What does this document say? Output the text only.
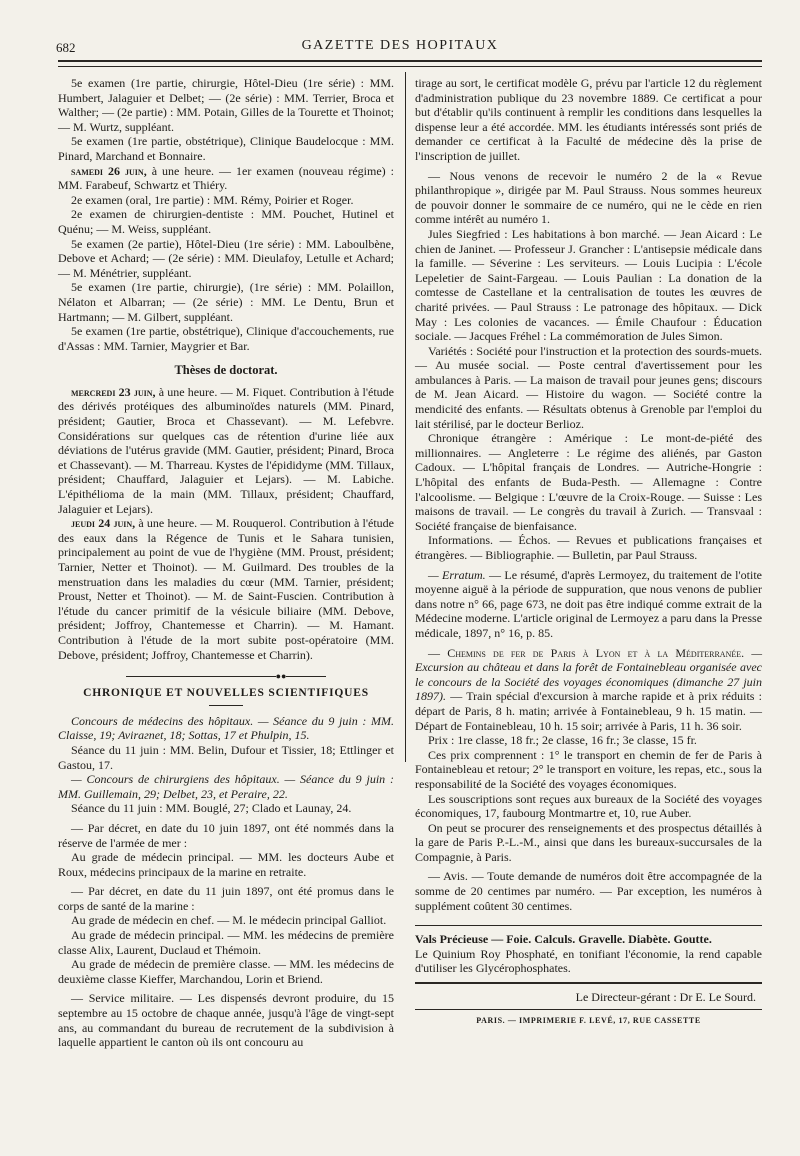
682	GAZETTE DES HOPITAUX

5e examen (1re partie, chirurgie, Hôtel-Dieu (1re série) : MM. Humbert, Jalaguier et Delbet; — (2e série) : MM. Terrier, Broca et Walther; — (2e partie) : MM. Potain, Gilles de la Tourette et Thoinot; — M. Wurtz, suppléant.

5e examen (1re partie, obstétrique), Clinique Baudelocque : MM. Pinard, Marchand et Bonnaire.

samedi 26 juin, à une heure. — 1er examen (nouveau régime) : MM. Farabeuf, Schwartz et Thiéry.

2e examen (oral, 1re partie) : MM. Rémy, Poirier et Roger.

2e examen de chirurgien-dentiste : MM. Pouchet, Hutinel et Quénu; — M. Weiss, suppléant.

5e examen (2e partie), Hôtel-Dieu (1re série) : MM. Laboulbène, Debove et Achard; — (2e série) : MM. Dieulafoy, Letulle et Achard; — M. Ménétrier, suppléant.

5e examen (1re partie, chirurgie), (1re série) : MM. Polaillon, Nélaton et Albarran; — (2e série) : MM. Le Dentu, Brun et Hartmann; — M. Gilbert, suppléant.

5e examen (1re partie, obstétrique), Clinique d'accouchements, rue d'Assas : MM. Tarnier, Maygrier et Bar.

Thèses de doctorat.

mercredi 23 juin, à une heure. — M. Fiquet. Contribution à l'étude des dérivés protéiques des albuminoïdes naturels (MM. Pinard, président; Gautier, Broca et Chassevant). — M. Lefebvre. Considérations sur quelques cas de rétention d'urine liée aux déviations de l'utérus gravide (MM. Gautier, président; Pinard, Broca et Chassevant). — M. Tharreau. Kystes de l'épididyme (MM. Tillaux, président; Chauffard, Jalaguier et Lejars). — M. Labiche. L'épithélioma de la main (MM. Tillaux, président; Chauffard, Jalaguier et Lejars).

jeudi 24 juin, à une heure. — M. Rouquerol. Contribution à l'étude des eaux dans la Régence de Tunis et le Sahara tunisien, principalement au point de vue de l'hygiène (MM. Proust, président; Tarnier, Netter et Thoinot). — M. Guilmard. Des troubles de la menstruation dans les maladies du cœur (MM. Tarnier, président; Proust, Netter et Thoinot). — M. de Saint-Fuscien. Contribution à l'étude du cancer primitif de la vésicule biliaire (MM. Debove, président; Joffroy, Chantemesse et Charrin). — M. Hamant. Contribution à l'étude de la mort subite post-opératoire (MM. Debove, président; Joffroy, Chantemesse et Charrin).

●●
CHRONIQUE ET NOUVELLES SCIENTIFIQUES

Concours de médecins des hôpitaux. — Séance du 9 juin : MM. Claisse, 19; Avirагnet, 18; Sottas, 17 et Phulpin, 15.

Séance du 11 juin : MM. Belin, Dufour et Tissier, 18; Ettlinger et Gastou, 17.

— Concours de chirurgiens des hôpitaux. — Séance du 9 juin : MM. Guillemain, 29; Delbet, 23, et Peraire, 22.

Séance du 11 juin : MM. Bouglé, 27; Clado et Launay, 24.

— Par décret, en date du 10 juin 1897, ont été nommés dans la réserve de l'armée de mer :

Au grade de médecin principal. — MM. les docteurs Aube et Roux, médecins principaux de la marine en retraite.

— Par décret, en date du 11 juin 1897, ont été promus dans le corps de santé de la marine :

Au grade de médecin en chef. — M. le médecin principal Galliot.

Au grade de médecin principal. — MM. les médecins de première classe Alix, Laurent, Duclaud et Thémoin.

Au grade de médecin de première classe. — MM. les médecins de deuxième classe Kieffer, Marchandou, Lorin et Briend.

— Service militaire. — Les dispensés devront produire, du 15 septembre au 15 octobre de chaque année, jusqu'à l'âge de vingt-sept ans, au commandant du bureau de recrutement de la subdivision à laquelle appartient le canton où ils ont concouru au

tirage au sort, le certificat modèle G, prévu par l'article 12 du règlement d'administration publique du 23 novembre 1889. Ce certificat a pour but d'établir qu'ils continuent à remplir les conditions dans lesquelles la dispense leur a été accordée. MM. les étudiants intéressés sont priés de demander ce certificat à la Faculté de médecine dès la prise de l'inscription de juillet.

— Nous venons de recevoir le numéro 2 de la « Revue philanthropique », dirigée par M. Paul Strauss. Nous sommes heureux de pouvoir donner le sommaire de ce numéro, qui ne le cède en rien comme intérêt au numéro 1.

Jules Siegfried : Les habitations à bon marché. — Jean Aicard : Le chien de Janinet. — Professeur J. Grancher : L'antisepsie médicale dans la famille. — Séverine : Les serviteurs. — Louis Lucipia : L'école Lepeletier de Saint-Fargeau. — Louis Paulian : La donation de la comtesse de Castellane et la centralisation de toutes les œuvres de charité privées. — Paul Strauss : Le patronage des hôpitaux. — Dick May : Les colonies de vacances. — Émile Chaufour : Éducation sociale. — Jacques Fréhel : La commémoration de Jules Simon.

Variétés : Société pour l'instruction et la protection des sourds-muets. — Au musée social. — Poste central d'avertissement pour les ambulances à Paris. — La maison de travail pour jeunes gens; discours de M. Jean Aicard. — Histoire du wagon. — Société contre la mendicité des enfants. — Résultats obtenus à Grenoble par l'emploi du lait stérilisé, par le docteur Berlioz.

Chronique étrangère : Amérique : Le mont-de-piété des millionnaires. — Angleterre : Le régime des aliénés, par Gaston Cadoux. — L'hôpital français de Londres. — Autriche-Hongrie : L'hôpital des enfants de Buda-Pesth. — Allemagne : Contre l'alcoolisme. — Belgique : L'œuvre de la Croix-Rouge. — Suisse : Les maisons de travail. — Le congrès du travail à Zurich. — Transvaal : Société française de bienfaisance.

Informations. — Échos. — Revues et publications françaises et étrangères. — Bibliographie. — Bulletin, par Paul Strauss.

— Erratum. — Le résumé, d'après Lermoyez, du traitement de l'otite moyenne aiguë à la période de suppuration, que nous venons de publier dans notre n° 66, page 673, ne doit pas être indiqué comme extrait de la Médecine moderne. L'article original de Lermoyez a paru dans la Presse médicale, 1897, n° 16, p. 85.

— Chemins de fer de Paris à Lyon et à la Méditerranée. — Excursion au château et dans la forêt de Fontainebleau organisée avec le concours de la Société des voyages économiques (dimanche 27 juin 1897). — Train spécial d'excursion à marche rapide et à prix réduits : départ de Paris, 8 h. matin; arrivée à Fontainebleau, 9 h. 15 matin. — Départ de Fontainebleau, 10 h. 15 soir; arrivée à Paris, 11 h. 36 soir.

Prix : 1re classe, 18 fr.; 2e classe, 16 fr.; 3e classe, 15 fr.

Ces prix comprennent : 1° le transport en chemin de fer de Paris à Fontainebleau et retour; 2° le transport en voiture, les repas, etc., sous la responsabilité de la Société des voyages économiques.

Les souscriptions sont reçues aux bureaux de la Société des voyages économiques, 17, faubourg Montmartre et, 10, rue Auber.

On peut se procurer des renseignements et des prospectus détaillés à la gare de Paris P.-L.-M., ainsi que dans les bureaux-succursales de la Compagnie, à Paris.

— Avis. — Toute demande de numéros doit être accompagnée de la somme de 20 centimes par numéro. — Par exception, les numéros à supplément coûtent 30 centimes.

Vals Précieuse — Foie. Calculs. Gravelle. Diabète. Goutte.

Le Quinium Roy Phosphaté, en tonifiant l'économie, la rend capable d'utiliser les Glycérophosphates.

Le Directeur-gérant : Dr E. Le Sourd.
PARIS. — IMPRIMERIE F. LEVÉ, 17, RUE CASSETTE
